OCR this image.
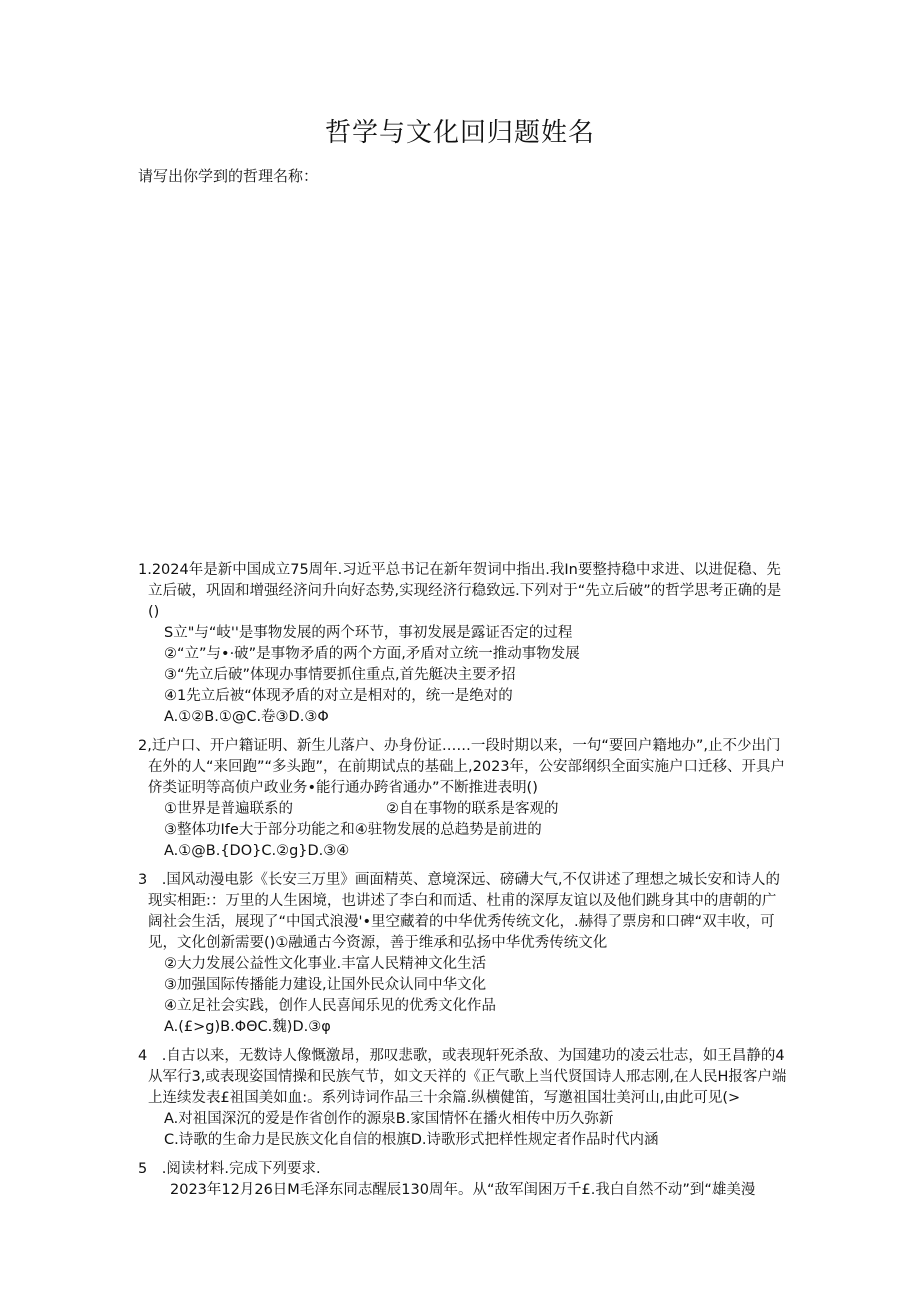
哲学与文化回归题姓名
请写出你学到的哲理名称：
1.2024年是新中国成立75周年.习近平总书记在新年贺词中指出.我In要整持稳中求进、以进促稳、先立后破，巩固和增强经济问升向好态势,实现经济行稳致远.下列对于“先立后破”的哲学思考正确的是()
S立"与“岐''是事物发展的两个环节，事初发展是露证否定的过程
②“立”与•·破”是事物矛盾的两个方面,矛盾对立统一推动事物发展
③“先立后破”体现办事情要抓住重点,首先艇决主要矛招
④1先立后被“体现矛盾的对立是相对的，统一是绝对的
A.①②B.①@C.卷③D.③Φ
2,迁户口、开户籍证明、新生儿落户、办身份证……一段时期以来，一句“要回户籍地办”,止不少出门在外的人“来回跑”“多头跑”，在前期试点的基础上,2023年，公安部纲织全面实施户口迁移、开具户侪类证明等高侦户政业务•能行通办跨省通办”不断推进表明()
①世界是普遍联系的	②自在事物的联系是客观的
③整体功Ife大于部分功能之和④驻物发展的总趋势是前进的
A.①@B.{DO}C.②g}D.③④
3　.国风动漫电影《长安三万里》画面精英、意境深远、磅礴大气,不仅讲述了理想之城长安和诗人的现实相距:：万里的人生困境，也讲述了李白和而适、杜甫的深厚友谊以及他们跳身其中的唐朝的广阔社会生活，展现了“中国式浪漫'•里空藏着的中华优秀传统文化，.赫得了票房和口碑“双丰收，可见，文化创新需要()①融通古今资源，善于维承和弘扬中华优秀传统文化
②大力发展公益性文化事业.丰富人民精神文化生活
③加强国际传播能力建设,让国外民众认同中华文化
④立足社会实践，创作人民喜闻乐见的优秀文化作品
A.(£>g)B.ΦΘC.魏)D.③φ
4　.自古以来，无数诗人像慨激昂，那叹悲歌，或表现轩死杀敌、为国建功的凌云壮志，如王昌静的4从军行3,或表现姿国情操和民族气节，如文天祥的《正气歌上当代贤国诗人邢志刚,在人民H报客户端上连续发表£祖国美如血:。系列诗词作品三十余篇.纵横健笛，写邀祖国壮美河山,由此可见(>
A.对祖国深沉的爱是作省创作的源泉B.家国情怀在播火相传中历久弥新
C.诗歌的生命力是民族文化自信的根旗D.诗歌形式把样性规定者作品时代内涵
5　.阅读材料.完成下列要求.
2023年12月26日M毛泽东同志醒辰130周年。从“敌军闺困万千£.我白自然不动”到“雄美漫
